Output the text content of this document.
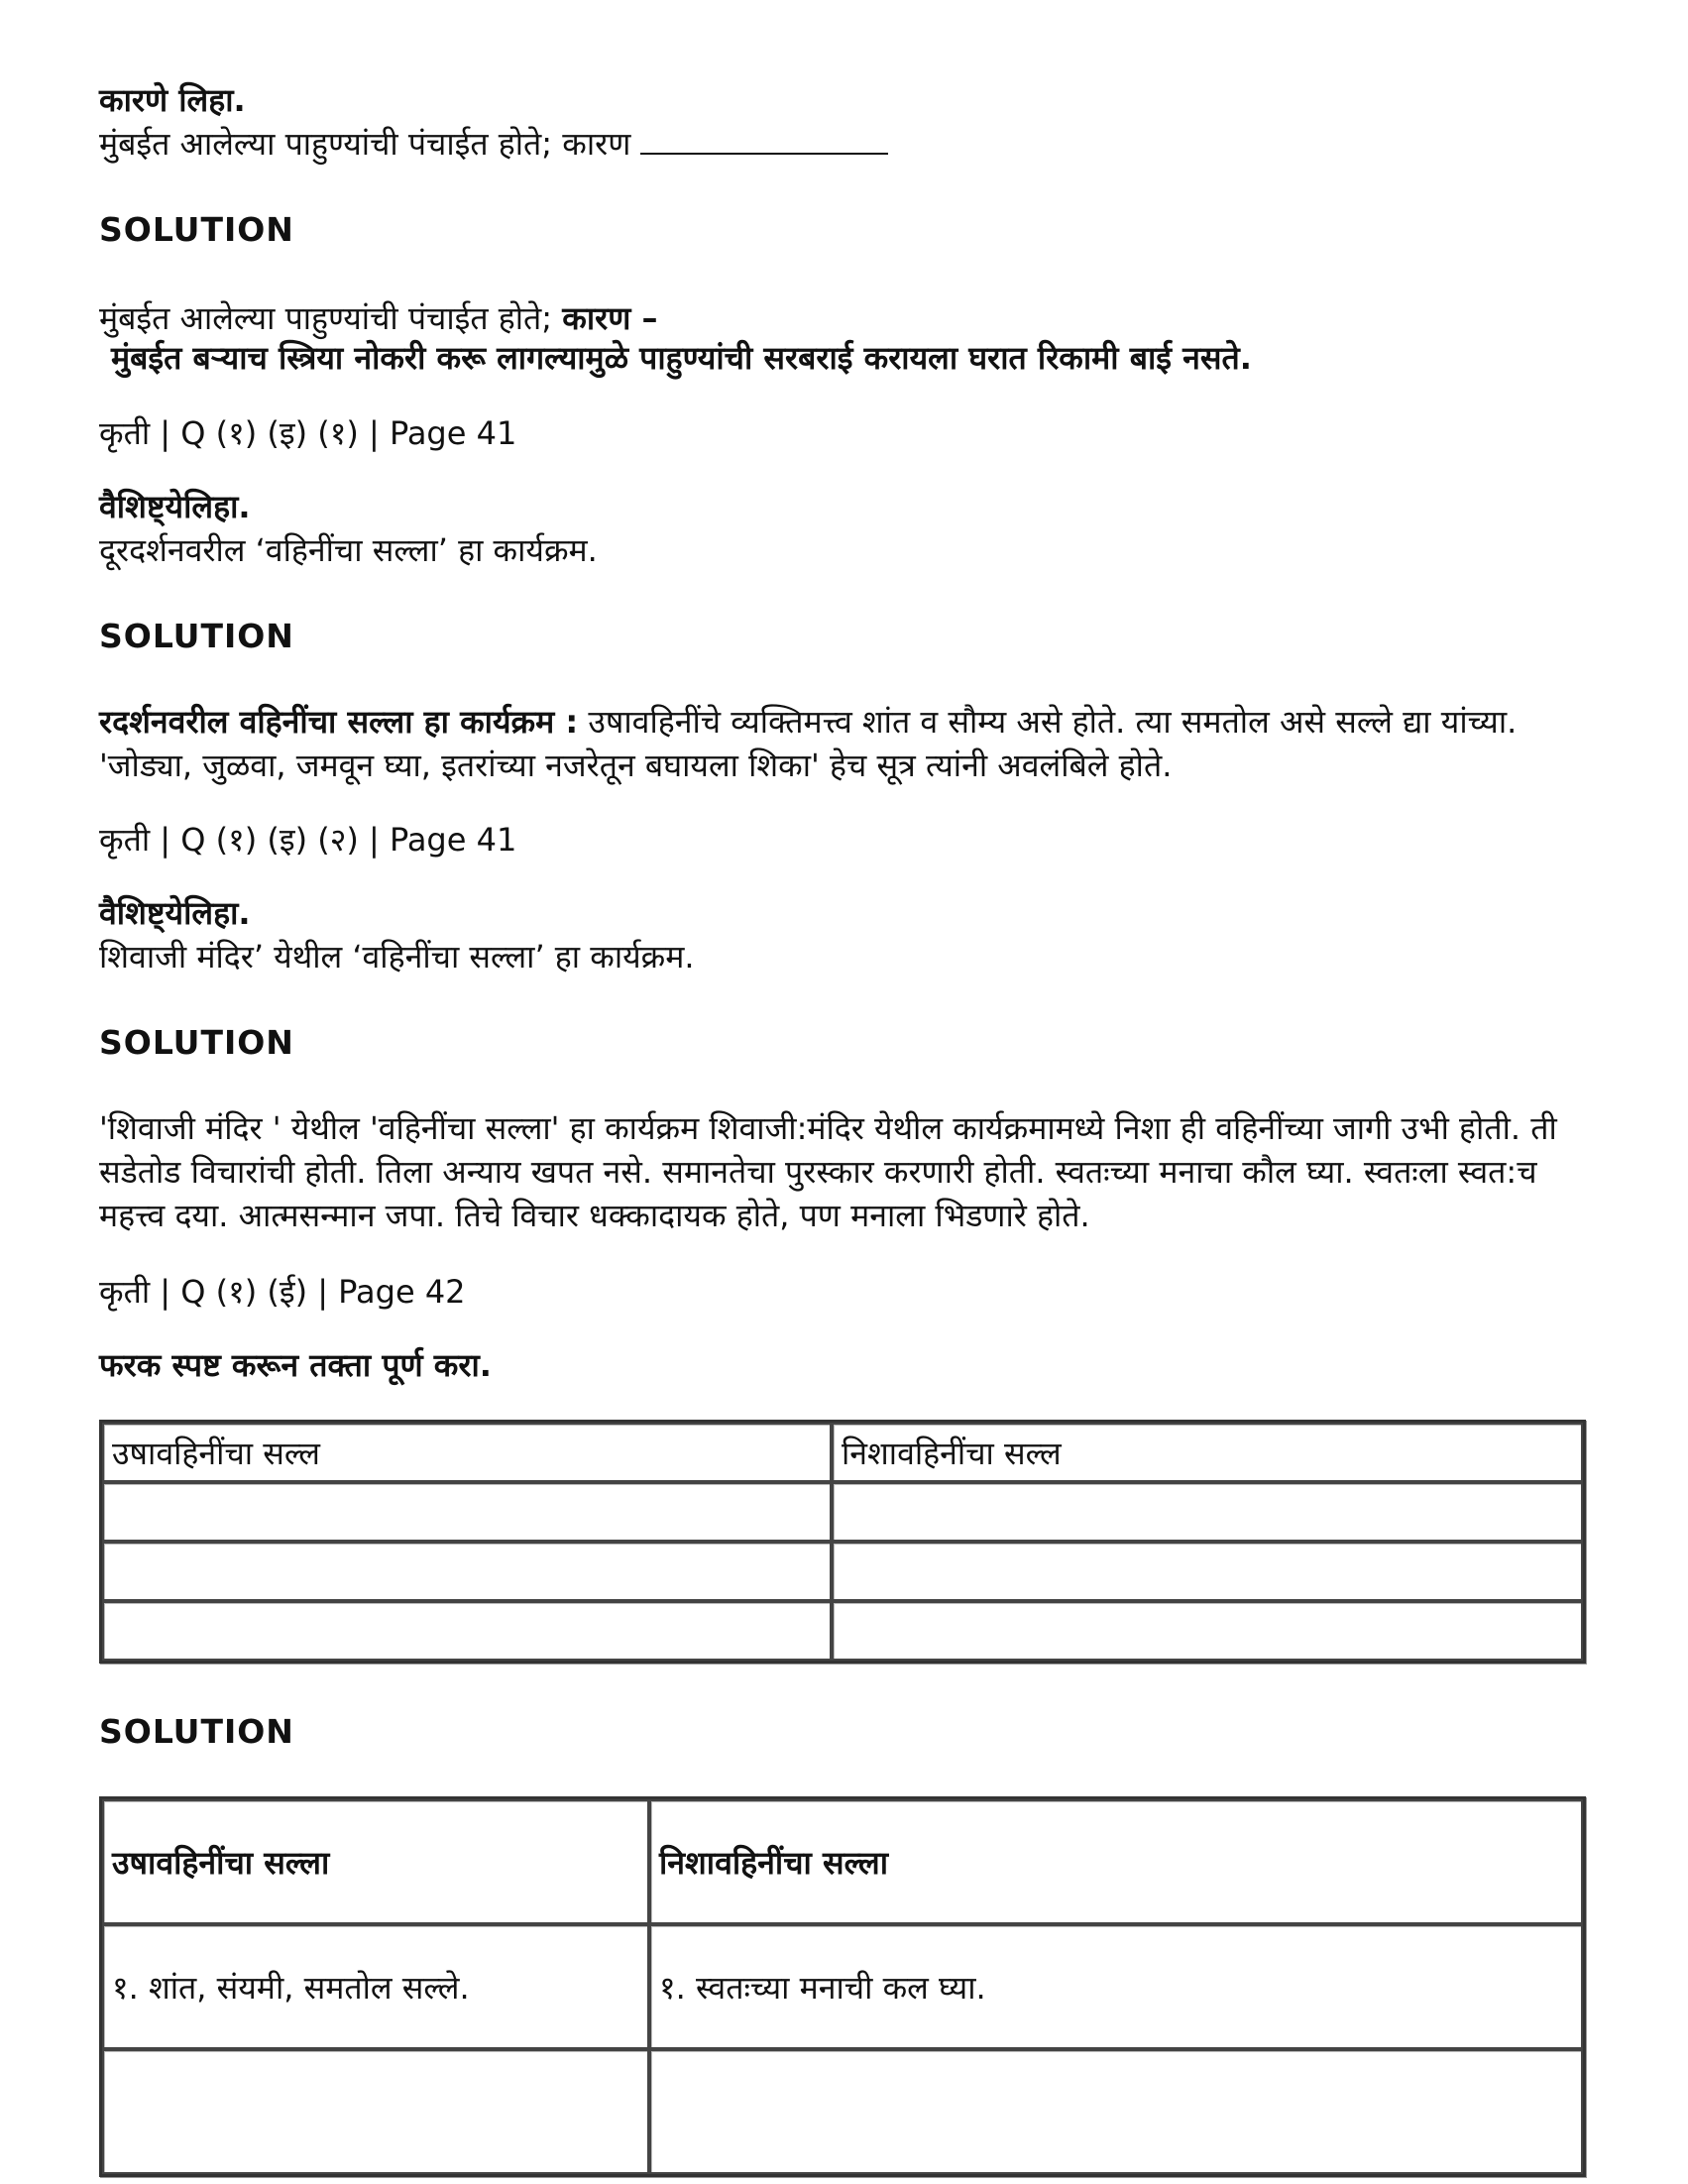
कारणे लिहा.
मुंबईत आलेल्या पाहुण्यांची पंचाईत होते; कारण
SOLUTION
मुंबईत आलेल्या पाहुण्यांची पंचाईत होते; कारण –
मुंबईत बऱ्याच स्त्रिया नोकरी करू लागल्यामुळे पाहुण्यांची सरबराई करायला घरात रिकामी बाई नसते.
कृती | Q (१) (इ) (१) | Page 41
वैशिष्ट्येलिहा.
दूरदर्शनवरील ‘वहिनींचा सल्ला’ हा कार्यक्रम.
SOLUTION
रदर्शनवरील वहिनींचा सल्ला हा कार्यक्रम : उषावहिनींचे व्यक्तिमत्त्व शांत व सौम्य असे होते. त्या समतोल असे सल्ले द्या यांच्या. 'जोड्या, जुळवा, जमवून घ्या, इतरांच्या नजरेतून बघायला शिका' हेच सूत्र त्यांनी अवलंबिले होते.
कृती | Q (१) (इ) (२) | Page 41
वैशिष्ट्येलिहा.
शिवाजी मंदिर’ येथील ‘वहिनींचा सल्ला’ हा कार्यक्रम.
SOLUTION
'शिवाजी मंदिर ' येथील 'वहिनींचा सल्ला' हा कार्यक्रम शिवाजी:मंदिर येथील कार्यक्रमामध्ये निशा ही वहिनींच्या जागी उभी होती. ती सडेतोड विचारांची होती. तिला अन्याय खपत नसे. समानतेचा पुरस्कार करणारी होती. स्वतःच्या मनाचा कौल घ्या. स्वतःला स्वत:च महत्त्व दया. आत्मसन्मान जपा. तिचे विचार धक्कादायक होते, पण मनाला भिडणारे होते.
कृती | Q (१) (ई) | Page 42
फरक स्पष्ट करून तक्ता पूर्ण करा.
उषावहिनींचा सल्ल	निशावहिनींचा सल्ल

SOLUTION
उषावहिनींचा सल्ला	निशावहिनींचा सल्ला
१. शांत, संयमी, समतोल सल्ले.	१. स्वतःच्या मनाची कल घ्या.
